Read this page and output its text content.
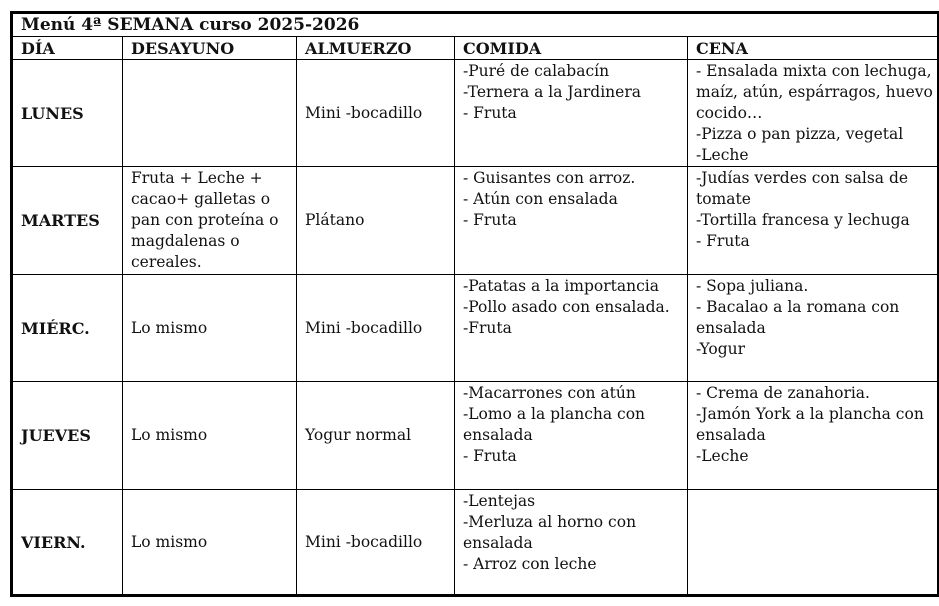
Menú 4ª SEMANA curso 2025-2026				
DÍA	DESAYUNO	ALMUERZO	COMIDA	CENA
LUNES		Mini -bocadillo	-Puré de calabacín
-Ternera a la Jardinera
- Fruta	- Ensalada mixta con lechuga,
maíz, atún, espárragos, huevo
cocido…
-Pizza o pan pizza, vegetal
-Leche

MARTES	Fruta + Leche +
cacao+ galletas o
pan con proteína o
magdalenas o
cereales.	Plátano	- Guisantes con arroz.
- Atún con ensalada
- Fruta	-Judías verdes con salsa de
tomate
-Tortilla francesa y lechuga
- Fruta

MIÉRC.	Lo mismo	Mini -bocadillo	-Patatas a la importancia
-Pollo asado con ensalada.
-Fruta	- Sopa juliana.
- Bacalao a la romana con
ensalada
-Yogur

JUEVES	Lo mismo	Yogur normal	-Macarrones con atún
-Lomo a la plancha con
ensalada
- Fruta	- Crema de zanahoria.
-Jamón York a la plancha con
ensalada
-Leche

VIERN.	Lo mismo	Mini -bocadillo	-Lentejas
-Merluza al horno con
ensalada
- Arroz con leche	
